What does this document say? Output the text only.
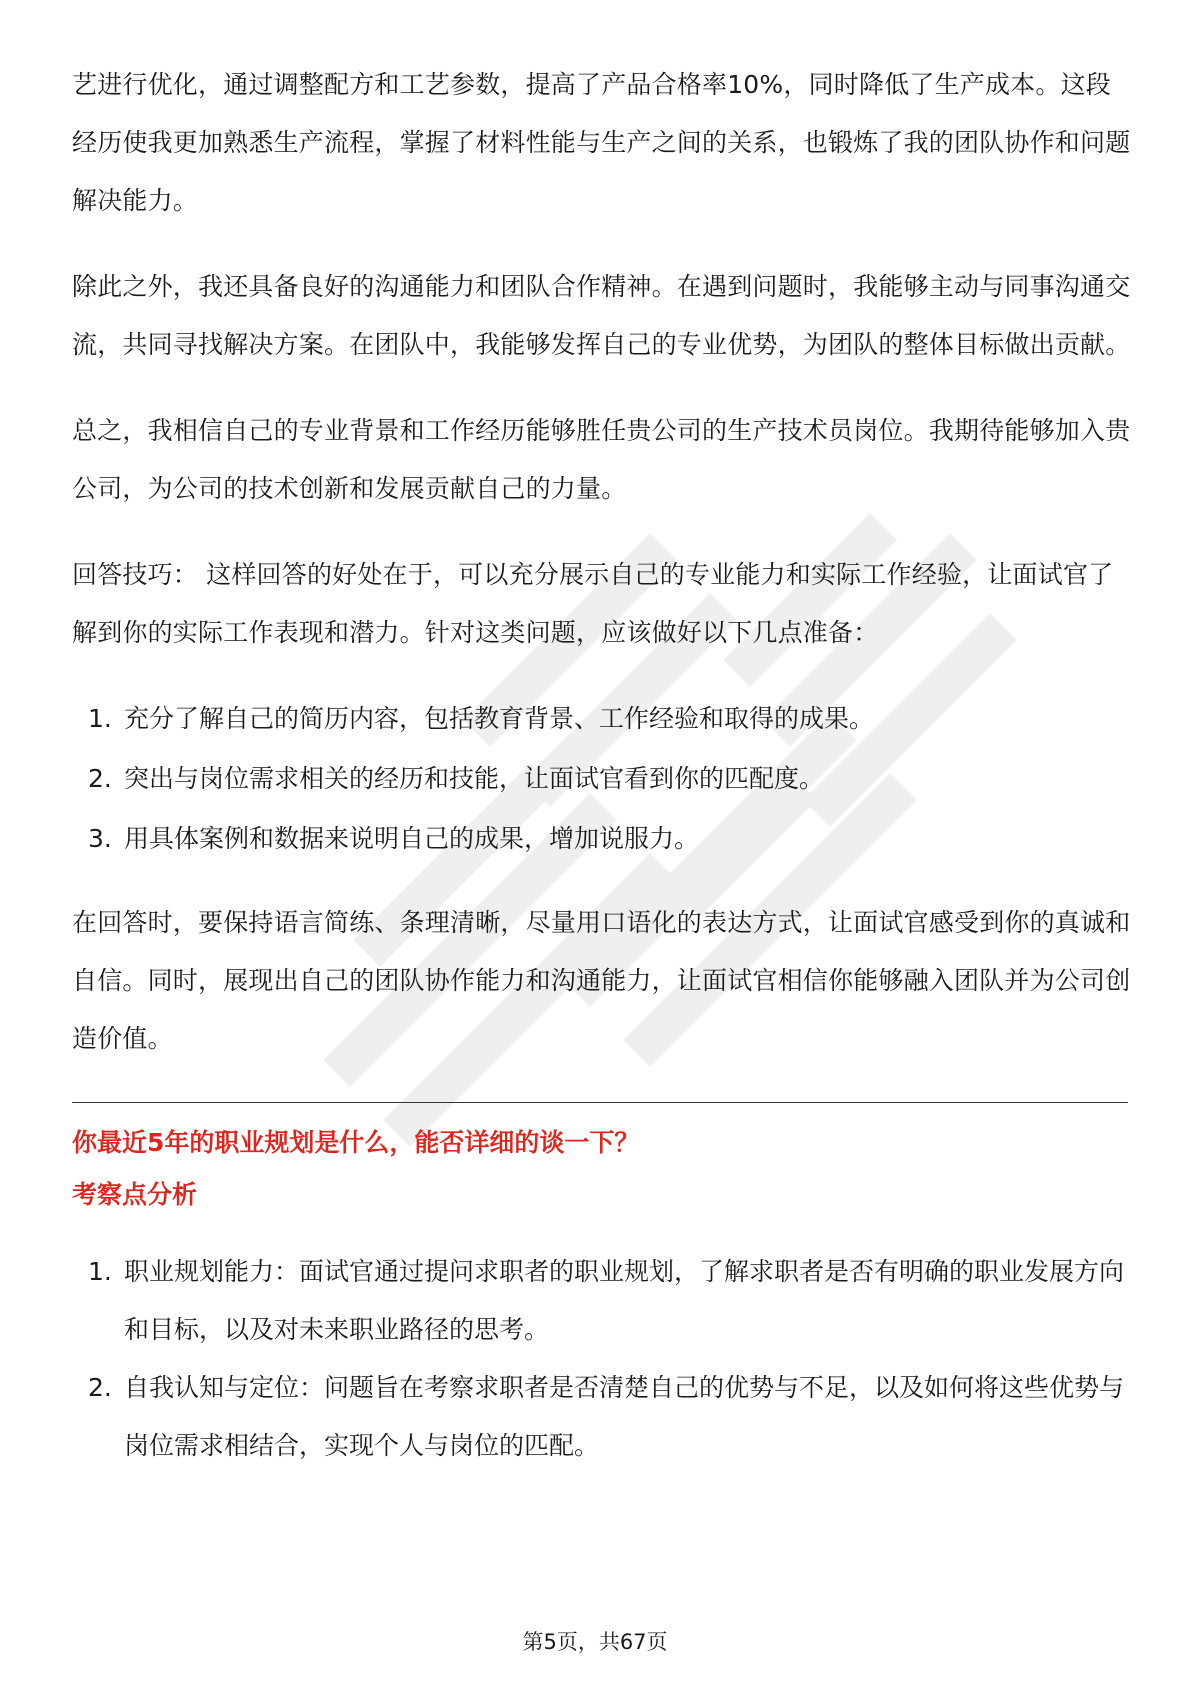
艺进行优化，通过调整配方和工艺参数，提高了产品合格率10%，同时降低了生产成本。这段经历使我更加熟悉生产流程，掌握了材料性能与生产之间的关系，也锻炼了我的团队协作和问题解决能力。

除此之外，我还具备良好的沟通能力和团队合作精神。在遇到问题时，我能够主动与同事沟通交流，共同寻找解决方案。在团队中，我能够发挥自己的专业优势，为团队的整体目标做出贡献。

总之，我相信自己的专业背景和工作经历能够胜任贵公司的生产技术员岗位。我期待能够加入贵公司，为公司的技术创新和发展贡献自己的力量。

回答技巧： 这样回答的好处在于，可以充分展示自己的专业能力和实际工作经验，让面试官了解到你的实际工作表现和潜力。针对这类问题，应该做好以下几点准备：

1. 充分了解自己的简历内容，包括教育背景、工作经验和取得的成果。
2. 突出与岗位需求相关的经历和技能，让面试官看到你的匹配度。
3. 用具体案例和数据来说明自己的成果，增加说服力。

在回答时，要保持语言简练、条理清晰，尽量用口语化的表达方式，让面试官感受到你的真诚和自信。同时，展现出自己的团队协作能力和沟通能力，让面试官相信你能够融入团队并为公司创造价值。

你最近5年的职业规划是什么，能否详细的谈一下？

考察点分析

1. 职业规划能力：面试官通过提问求职者的职业规划，了解求职者是否有明确的职业发展方向和目标，以及对未来职业路径的思考。
2. 自我认知与定位：问题旨在考察求职者是否清楚自己的优势与不足，以及如何将这些优势与岗位需求相结合，实现个人与岗位的匹配。
第5页，共67页
